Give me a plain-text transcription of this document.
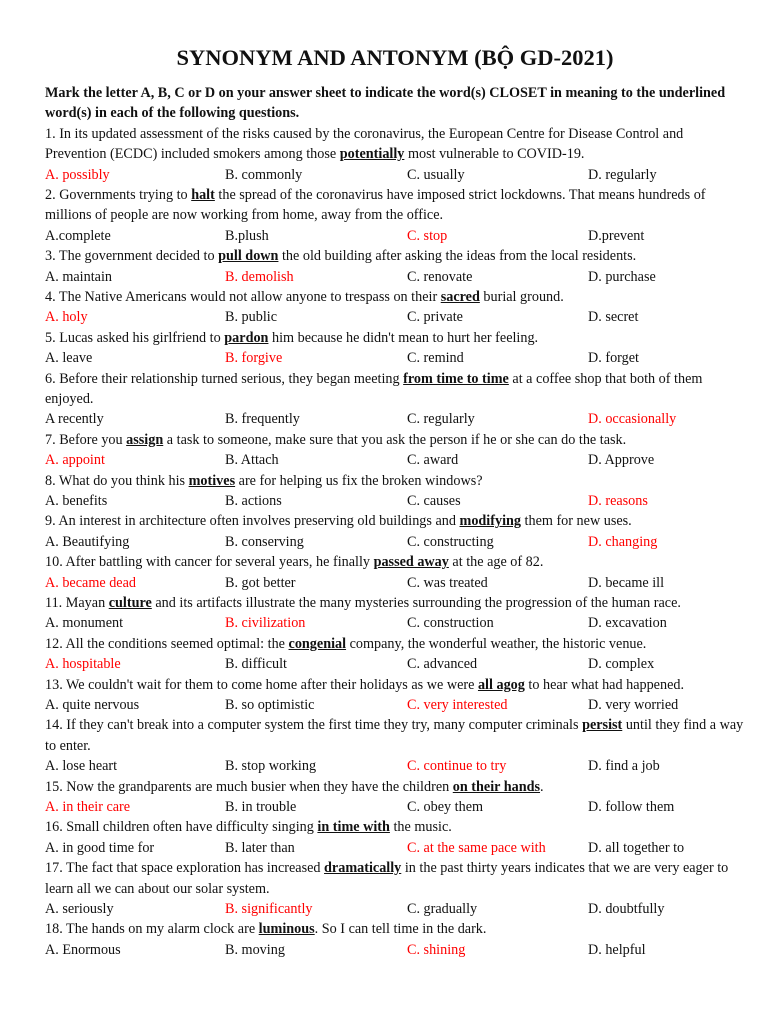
SYNONYM AND ANTONYM (BỘ GD-2021)

Mark the letter A, B, C or D on your answer sheet to indicate the word(s) CLOSET in meaning to the underlined word(s) in each of the following questions.

1. In its updated assessment of the risks caused by the coronavirus, the European Centre for Disease Control and Prevention (ECDC) included smokers among those potentially most vulnerable to COVID-19.

A. possibly	B. commonly	C. usually	D. regularly

2. Governments trying to halt the spread of the coronavirus have imposed strict lockdowns. That means hundreds of millions of people are now working from home, away from the office.

A.complete	B.plush	C. stop	D.prevent

3. The government decided to pull down the old building after asking the ideas from the local residents.

A. maintain	B. demolish	C. renovate	D. purchase

4. The Native Americans would not allow anyone to trespass on their sacred burial ground.

A. holy	B. public	C. private	D. secret

5. Lucas asked his girlfriend to pardon him because he didn't mean to hurt her feeling.

A. leave	B. forgive	C. remind	D. forget

6. Before their relationship turned serious, they began meeting from time to time at a coffee shop that both of them enjoyed.

A recently	B. frequently	C. regularly	D. occasionally

7. Before you assign a task to someone, make sure that you ask the person if he or she can do the task.

A. appoint	B. Attach	C. award	D. Approve

8. What do you think his motives are for helping us fix the broken windows?

A. benefits	B. actions	C. causes	D. reasons

9. An interest in architecture often involves preserving old buildings and modifying them for new uses.

A. Beautifying	B. conserving	C. constructing	D. changing

10. After battling with cancer for several years, he finally passed away at the age of 82.

A. became dead	B. got better	C. was treated	D. became ill

11. Mayan culture and its artifacts illustrate the many mysteries surrounding the progression of the human race.

A. monument	B. civilization	C. construction	D. excavation

12. All the conditions seemed optimal: the congenial company, the wonderful weather, the historic venue.

A. hospitable	B. difficult	C. advanced	D. complex

13. We couldn't wait for them to come home after their holidays as we were all agog to hear what had happened.

A. quite nervous	B. so optimistic	C. very interested	D. very worried

14. If they can't break into a computer system the first time they try, many computer criminals persist until they find a way to enter.

A. lose heart	B. stop working	C. continue to try	D. find a job

15. Now the grandparents are much busier when they have the children on their hands.

A. in their care	B. in trouble	C. obey them	D. follow them

16. Small children often have difficulty singing in time with the music.

A. in good time for	B. later than	C. at the same pace with	D. all together to

17. The fact that space exploration has increased dramatically in the past thirty years indicates that we are very eager to learn all we can about our solar system.

A. seriously	B. significantly	C. gradually	D. doubtfully

18. The hands on my alarm clock are luminous. So I can tell time in the dark.

A. Enormous	B. moving	C. shining	D. helpful
